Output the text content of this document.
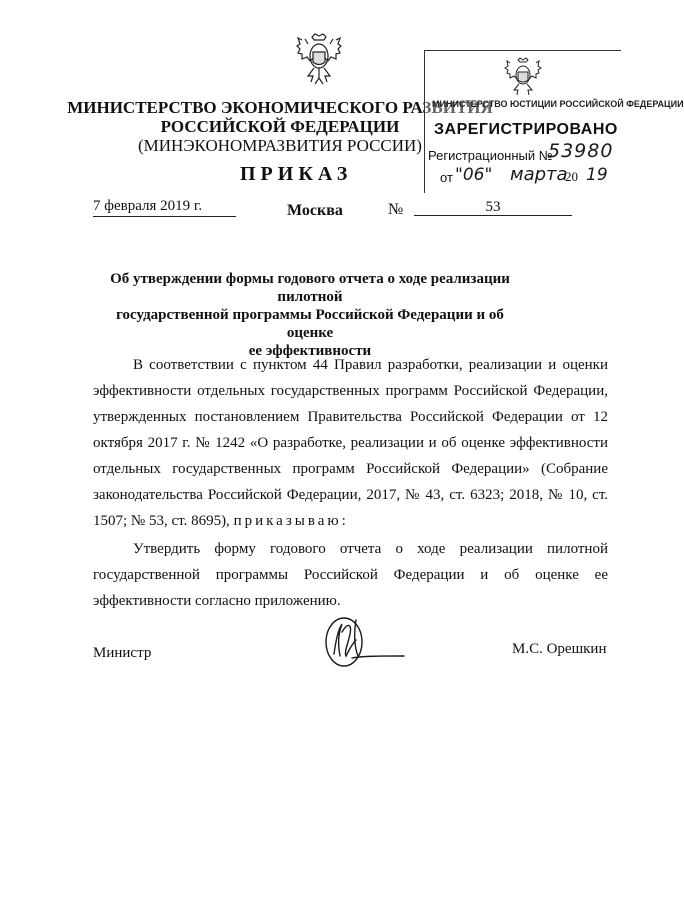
МИНИСТЕРСТВО ЭКОНОМИЧЕСКОГО РАЗВИТИЯ
РОССИЙСКОЙ ФЕДЕРАЦИИ
(МИНЭКОНОМРАЗВИТИЯ РОССИИ)
ПРИКАЗ
7 февраля 2019 г.	Москва	№	53
МИНИСТЕРСТВО ЮСТИЦИИ РОССИЙСКОЙ ФЕДЕРАЦИИ
ЗАРЕГИСТРИРОВАНО
Регистрационный №
53980
от "06" марта
20 19
Об утверждении формы годового отчета о ходе реализации пилотной
государственной программы Российской Федерации и об оценке
ее эффективности
В соответствии с пунктом 44 Правил разработки, реализации и оценки эффективности отдельных государственных программ Российской Федерации, утвержденных постановлением Правительства Российской Федерации от 12 октября 2017 г. № 1242 «О разработке, реализации и об оценке эффективности отдельных государственных программ Российской Федерации» (Собрание законодательства Российской Федерации, 2017, № 43, ст. 6323; 2018, № 10, ст. 1507; № 53, ст. 8695), приказываю:
Утвердить форму годового отчета о ходе реализации пилотной государственной программы Российской Федерации и об оценке ее эффективности согласно приложению.
Министр	М.С. Орешкин
